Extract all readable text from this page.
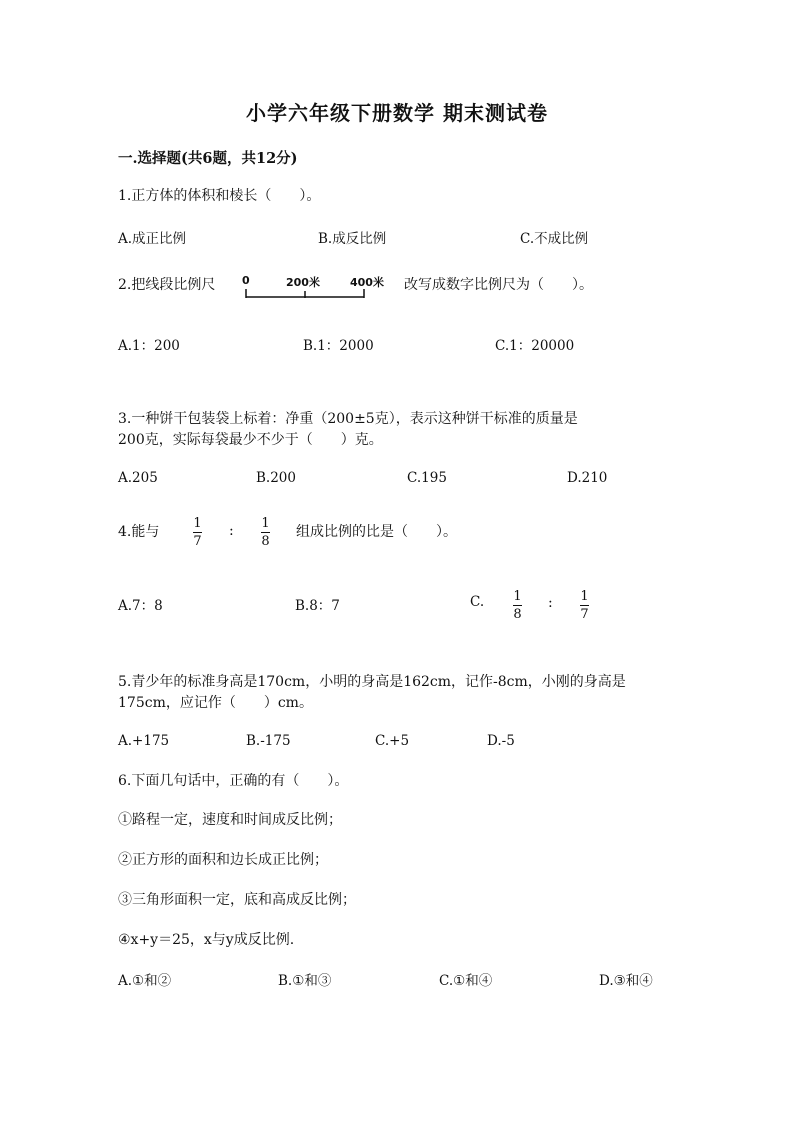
小学六年级下册数学 期末测试卷
一.选择题(共6题，共12分)
1.正方体的体积和棱长（　　）。
A.成正比例	B.成反比例	C.不成比例
2.把线段比例尺 0	200米	400米 改写成数字比例尺为（　　）。
A.1：200	B.1：2000	C.1：20000
3.一种饼干包装袋上标着：净重（200±5克），表示这种饼干标准的质量是
200克，实际每袋最少不少于（　　）克。
A.205	B.200	C.195	D.210
4.能与
1
7
: 1
8
组成比例的比是（　　）。
A.7：8	B.8：7	C. 1
8
: 1
7
5.青少年的标准身高是170cm，小明的身高是162cm，记作-8cm，小刚的身高是
175cm，应记作（　　）cm。
A.+175	B.-175	C.+5	D.-5
6.下面几句话中，正确的有（　　）。
①路程一定，速度和时间成反比例；
②正方形的面积和边长成正比例；
③三角形面积一定，底和高成反比例；
④x+y＝25，x与y成反比例.
A.①和②	B.①和③	C.①和④	D.③和④
